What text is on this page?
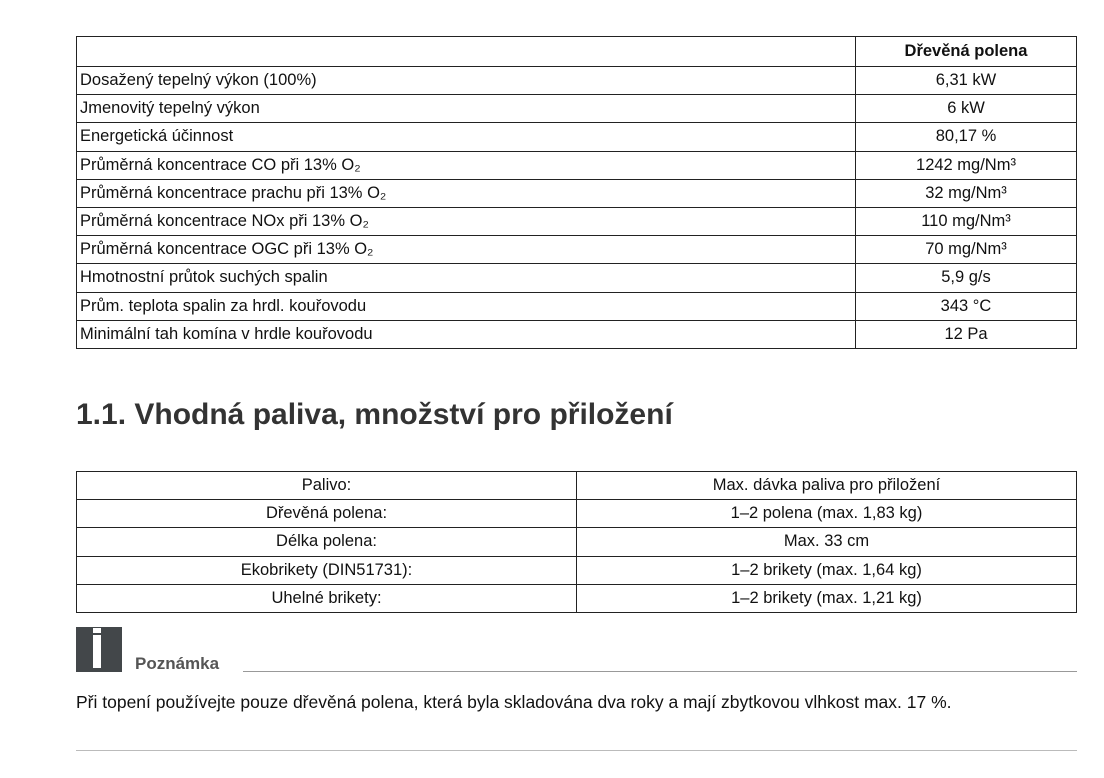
	Dřevěná polena
Dosažený tepelný výkon (100%)	6,31 kW
Jmenovitý tepelný výkon	6 kW
Energetická účinnost	80,17 %
Průměrná koncentrace CO při 13% O₂	1242 mg/Nm³
Průměrná koncentrace prachu při 13% O₂	32 mg/Nm³
Průměrná koncentrace NOx při 13% O₂	110 mg/Nm³
Průměrná koncentrace OGC při 13% O₂	70 mg/Nm³
Hmotnostní průtok suchých spalin	5,9 g/s
Prům. teplota spalin za hrdl. kouřovodu	343 °C
Minimální tah komína v hrdle kouřovodu	12 Pa
1.1. Vhodná paliva, množství pro přiložení
Palivo:	Max. dávka paliva pro přiložení
Dřevěná polena:	1–2 polena (max. 1,83 kg)
Délka polena:	Max. 33 cm
Ekobrikety (DIN51731):	1–2 brikety (max. 1,64 kg)
Uhelné brikety:	1–2 brikety (max. 1,21 kg)
Poznámka
Při topení používejte pouze dřevěná polena, která byla skladována dva roky a mají zbytkovou vlhkost max. 17 %.
